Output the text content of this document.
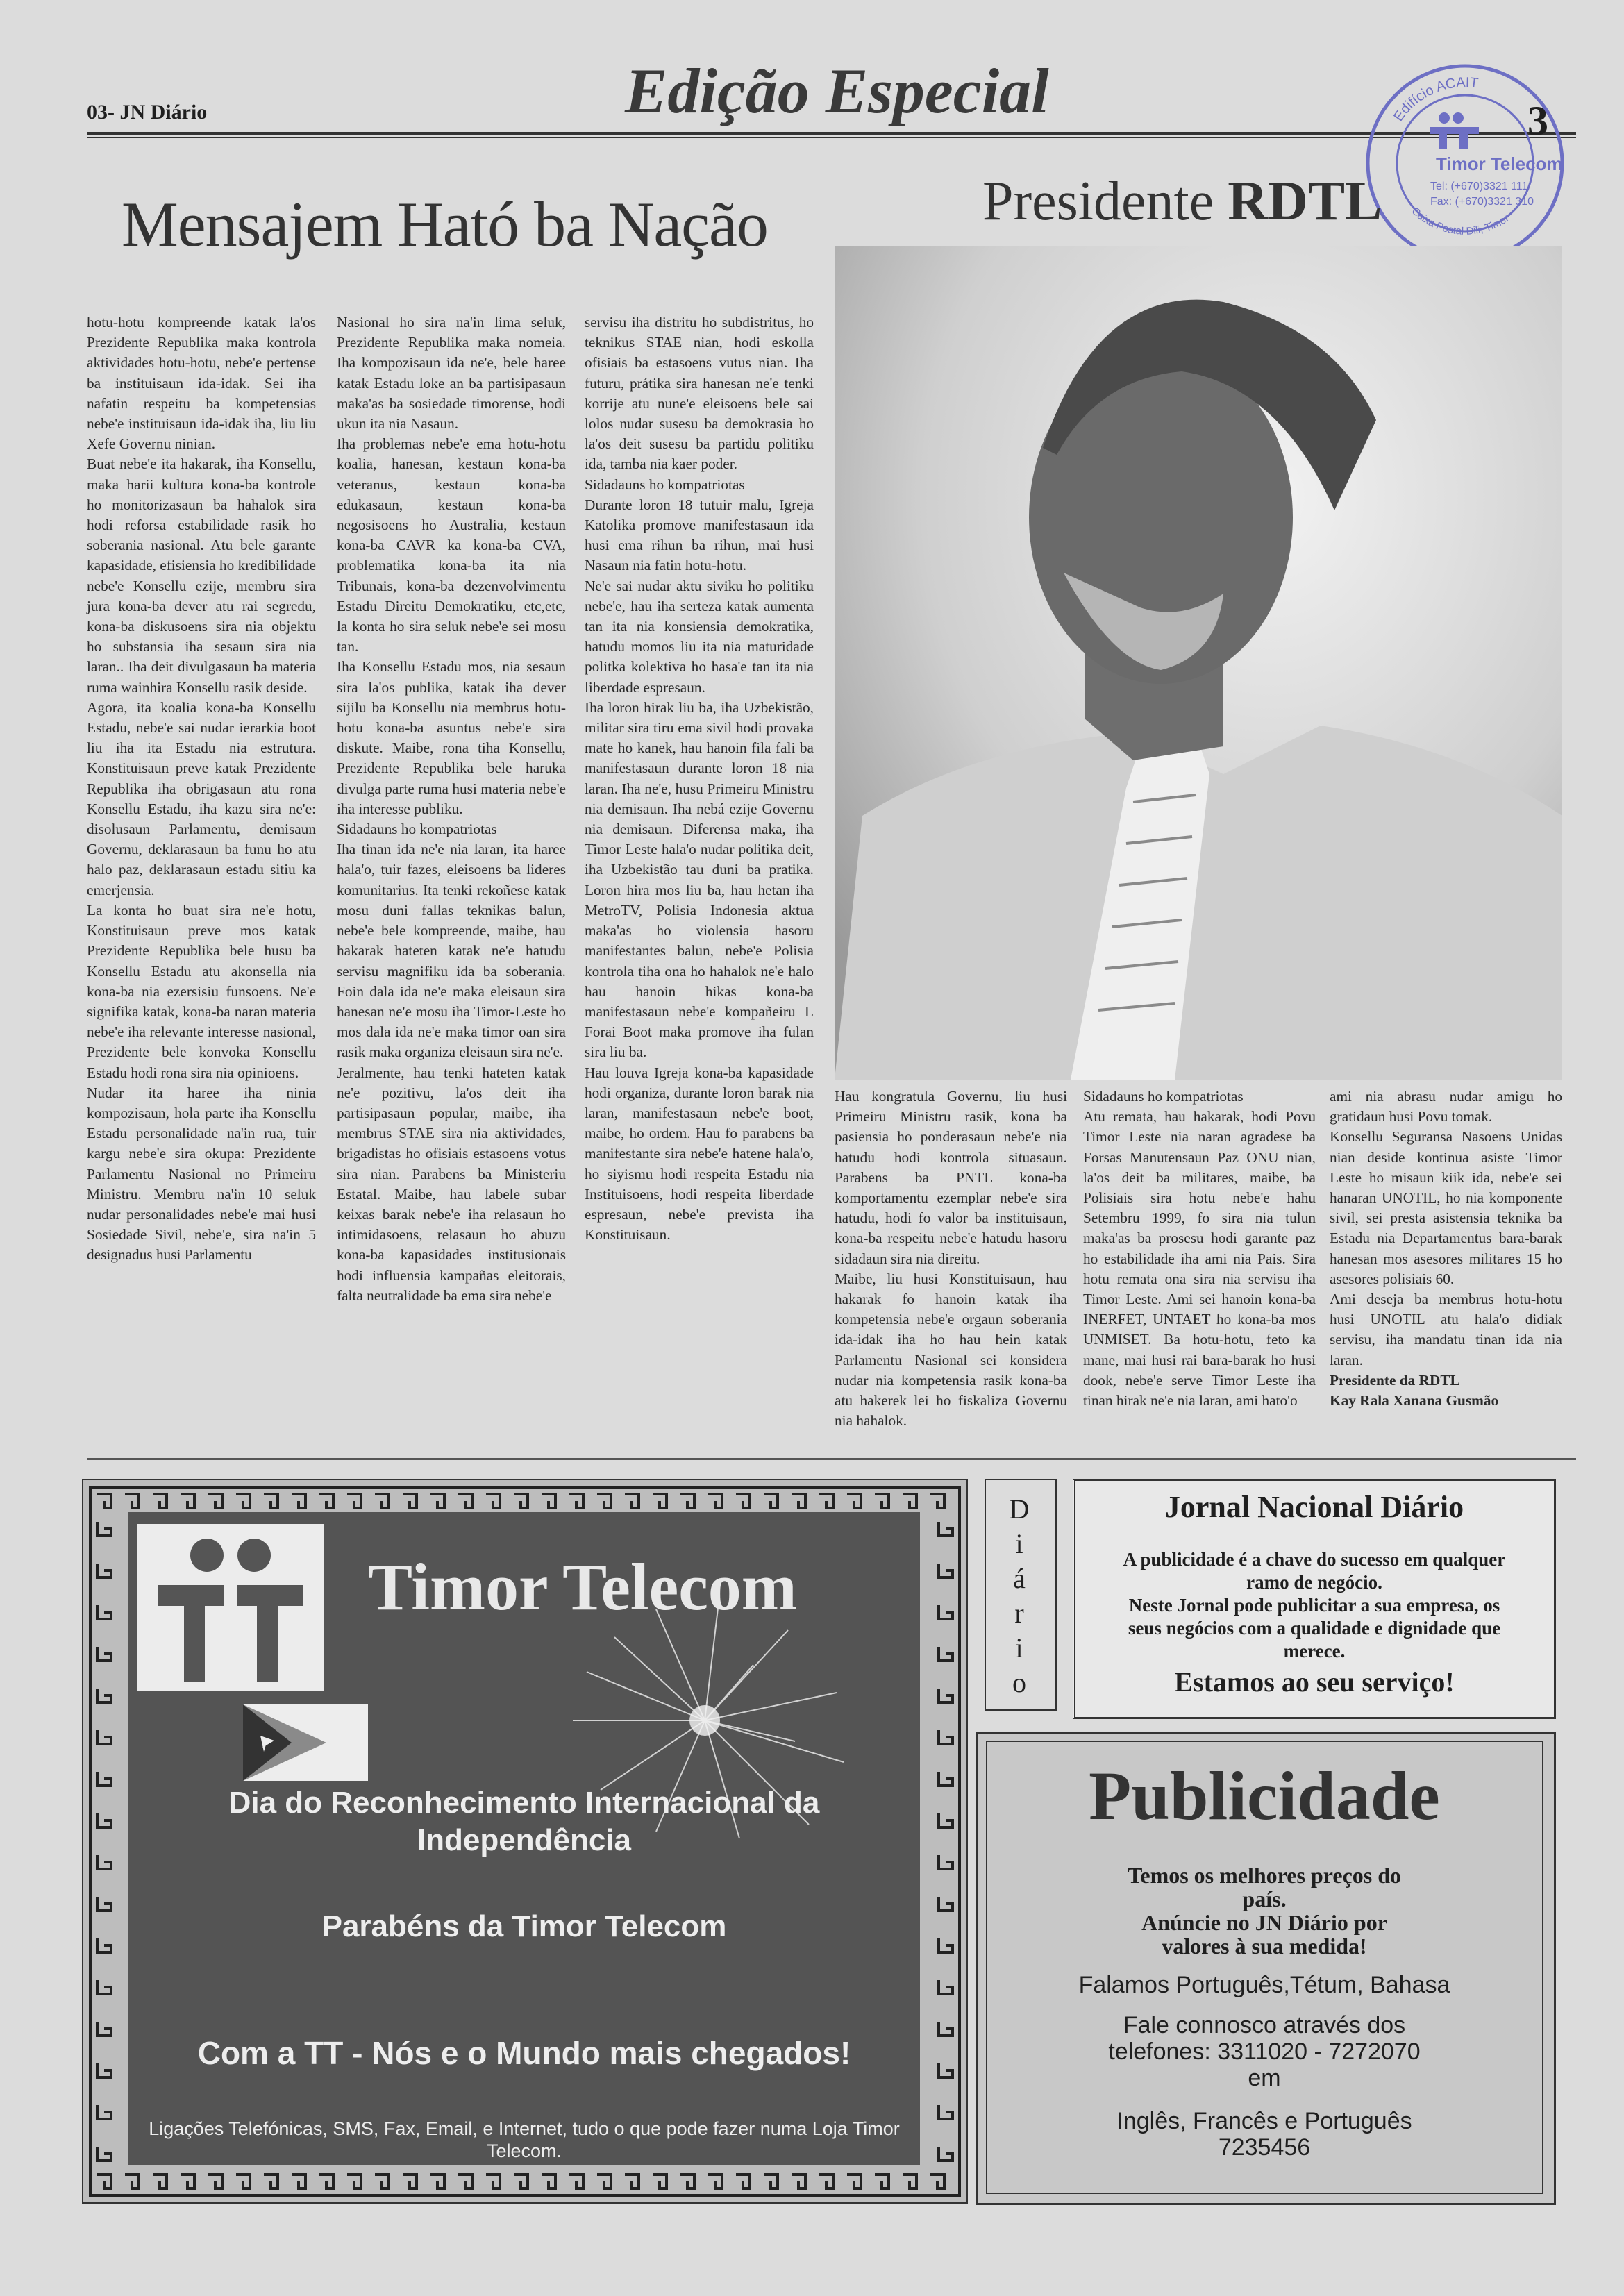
03- JN Diário	Edição Especial	3
Edifício ACAIT
Caixa Postal Dili, Timor
Timor Telecom
Tel: (+670)3321 111
Fax: (+670)3321 310
Mensajem Ható ba Nação	Presidente RDTL

hotu-hotu kompreende katak la'os Prezidente Republika maka kontrola aktividades hotu-hotu, nebe'e pertense ba instituisaun ida-idak. Sei iha nafatin respeitu ba kompetensias nebe'e instituisaun ida-idak iha, liu liu Xefe Governu ninian.

Buat nebe'e ita hakarak, iha Konsellu, maka harii kultura kona-ba kontrole ho monitorizasaun ba hahalok sira hodi reforsa estabilidade rasik ho soberania nasional. Atu bele garante kapasidade, efisiensia ho kredibilidade nebe'e Konsellu ezije, membru sira jura kona-ba dever atu rai segredu, kona-ba diskusoens sira nia objektu ho substansia iha sesaun sira nia laran.. Iha deit divulgasaun ba materia ruma wainhira Konsellu rasik deside.

Agora, ita koalia kona-ba Konsellu Estadu, nebe'e sai nudar ierarkia boot liu iha ita Estadu nia estrutura. Konstituisaun preve katak Prezidente Republika iha obrigasaun atu rona Konsellu Estadu, iha kazu sira ne'e: disolusaun Parlamentu, demisaun Governu, deklarasaun ba funu ho atu halo paz, deklarasaun estadu sitiu ka emerjensia.

La konta ho buat sira ne'e hotu, Konstituisaun preve mos katak Prezidente Republika bele husu ba Konsellu Estadu atu akonsella nia kona-ba nia ezersisiu funsoens. Ne'e signifika katak, kona-ba naran materia nebe'e iha relevante interesse nasional, Prezidente bele konvoka Konsellu Estadu hodi rona sira nia opinioens.

Nudar ita haree iha ninia kompozisaun, hola parte iha Konsellu Estadu personalidade na'in rua, tuir kargu nebe'e sira okupa: Prezidente Parlamentu Nasional no Primeiru Ministru. Membru na'in 10 seluk nudar personalidades nebe'e mai husi Sosiedade Sivil, nebe'e, sira na'in 5 designadus husi Parlamentu

Nasional ho sira na'in lima seluk, Prezidente Republika maka nomeia. Iha kompozisaun ida ne'e, bele haree katak Estadu loke an ba partisipasaun maka'as ba sosiedade timorense, hodi ukun ita nia Nasaun.

Iha problemas nebe'e ema hotu-hotu koalia, hanesan, kestaun kona-ba veteranus, kestaun kona-ba edukasaun, kestaun kona-ba negosisoens ho Australia, kestaun kona-ba CAVR ka kona-ba CVA, problematika kona-ba ita nia Tribunais, kona-ba dezenvolvimentu Estadu Direitu Demokratiku, etc,etc, la konta ho sira seluk nebe'e sei mosu tan.

Iha Konsellu Estadu mos, nia sesaun sira la'os publika, katak iha dever sijilu ba Konsellu nia membrus hotu-hotu kona-ba asuntus nebe'e sira diskute. Maibe, rona tiha Konsellu, Prezidente Republika bele haruka divulga parte ruma husi materia nebe'e iha interesse publiku.

Sidadauns ho kompatriotas

Iha tinan ida ne'e nia laran, ita haree hala'o, tuir fazes, eleisoens ba lideres komunitarius. Ita tenki rekoñese katak mosu duni fallas teknikas balun, nebe'e bele kompreende, maibe, hau hakarak hateten katak ne'e hatudu servisu magnifiku ida ba soberania. Foin dala ida ne'e maka eleisaun sira hanesan ne'e mosu iha Timor-Leste ho mos dala ida ne'e maka timor oan sira rasik maka organiza eleisaun sira ne'e.

Jeralmente, hau tenki hateten katak ne'e pozitivu, la'os deit iha partisipasaun popular, maibe, iha membrus STAE sira nia aktividades, brigadistas ho ofisiais estasoens votus sira nian. Parabens ba Ministeriu Estatal. Maibe, hau labele subar keixas barak nebe'e iha relasaun ho intimidasoens, relasaun ho abuzu kona-ba kapasidades institusionais hodi influensia kampañas eleitorais, falta neutralidade ba ema sira nebe'e

servisu iha distritu ho subdistritus, ho teknikus STAE nian, hodi eskolla ofisiais ba estasoens vutus nian. Iha futuru, prátika sira hanesan ne'e tenki korrije atu nune'e eleisoens bele sai lolos nudar susesu ba demokrasia ho la'os deit susesu ba partidu politiku ida, tamba nia kaer poder.

Sidadauns ho kompatriotas

Durante loron 18 tutuir malu, Igreja Katolika promove manifestasaun ida husi ema rihun ba rihun, mai husi Nasaun nia fatin hotu-hotu.

Ne'e sai nudar aktu siviku ho politiku nebe'e, hau iha serteza katak aumenta tan ita nia konsiensia demokratika, hatudu momos liu ita nia maturidade politka kolektiva ho hasa'e tan ita nia liberdade espresaun.

Iha loron hirak liu ba, iha Uzbekistão, militar sira tiru ema sivil hodi provaka mate ho kanek, hau hanoin fila fali ba manifestasaun durante loron 18 nia laran. Iha ne'e, husu Primeiru Ministru nia demisaun. Iha nebá ezije Governu nia demisaun. Diferensa maka, iha Timor Leste hala'o nudar politika deit, iha Uzbekistão tau duni ba pratika. Loron hira mos liu ba, hau hetan iha MetroTV, Polisia Indonesia aktua maka'as ho violensia hasoru manifestantes balun, nebe'e Polisia kontrola tiha ona ho hahalok ne'e halo hau hanoin hikas kona-ba manifestasaun nebe'e kompañeiru L Forai Boot maka promove iha fulan sira liu ba.

Hau louva Igreja kona-ba kapasidade hodi organiza, durante loron barak nia laran, manifestasaun nebe'e boot, maibe, ho ordem. Hau fo parabens ba manifestante sira nebe'e hatene hala'o, ho siyismu hodi respeita Estadu nia Instituisoens, hodi respeita liberdade espresaun, nebe'e prevista iha Konstituisaun.

Hau kongratula Governu, liu husi Primeiru Ministru rasik, kona ba pasiensia ho ponderasaun nebe'e nia hatudu hodi kontrola situasaun. Parabens ba PNTL kona-ba komportamentu ezemplar nebe'e sira hatudu, hodi fo valor ba instituisaun, kona-ba respeitu nebe'e hatudu hasoru sidadaun sira nia direitu.

Maibe, liu husi Konstituisaun, hau hakarak fo hanoin katak iha kompetensia nebe'e orgaun soberania ida-idak iha ho hau hein katak Parlamentu Nasional sei konsidera nudar nia kompetensia rasik kona-ba atu hakerek lei ho fiskaliza Governu nia hahalok.

Sidadauns ho kompatriotas

Atu remata, hau hakarak, hodi Povu Timor Leste nia naran agradese ba Forsas Manutensaun Paz ONU nian, la'os deit ba militares, maibe, ba Polisiais sira hotu nebe'e hahu Setembru 1999, fo sira nia tulun maka'as ba prosesu hodi garante paz ho estabilidade iha ami nia Pais. Sira hotu remata ona sira nia servisu iha Timor Leste. Ami sei hanoin kona-ba INERFET, UNTAET ho kona-ba mos UNMISET. Ba hotu-hotu, feto ka mane, mai husi rai bara-barak ho husi dook, nebe'e serve Timor Leste iha tinan hirak ne'e nia laran, ami hato'o

ami nia abrasu nudar amigu ho gratidaun husi Povu tomak.

Konsellu Seguransa Nasoens Unidas nian deside kontinua asiste Timor Leste ho misaun kiik ida, nebe'e sei hanaran UNOTIL, ho nia komponente sivil, sei presta asistensia teknika ba Estadu nia Departamentus bara-barak hanesan mos asesores militares 15 ho asesores polisiais 60.

Ami deseja ba membrus hotu-hotu husi UNOTIL atu hala'o didiak servisu, iha mandatu tinan ida nia laran.

Presidente da RDTL

Kay Rala Xanana Gusmão

Timor Telecom
Dia do Reconhecimento Internacional da
Independência
Parabéns da Timor Telecom
Com a TT - Nós e o Mundo mais chegados!
Ligações Telefónicas, SMS, Fax, Email, e Internet, tudo o que pode fazer numa Loja Timor
Telecom.
D
i
á
r
i
o
Jornal Nacional Diário
A publicidade é a chave do sucesso em qualquer
ramo de negócio.
Neste Jornal pode publicitar a sua empresa, os
seus negócios com a qualidade e dignidade que
merece.
Estamos ao seu serviço!
Publicidade
Temos os melhores preços do
país.
Anúncie no JN Diário por
valores à sua medida!
Falamos Português,Tétum, Bahasa
Fale connosco através dos
telefones: 3311020 - 7272070
em
Inglês, Francês e Português
7235456
